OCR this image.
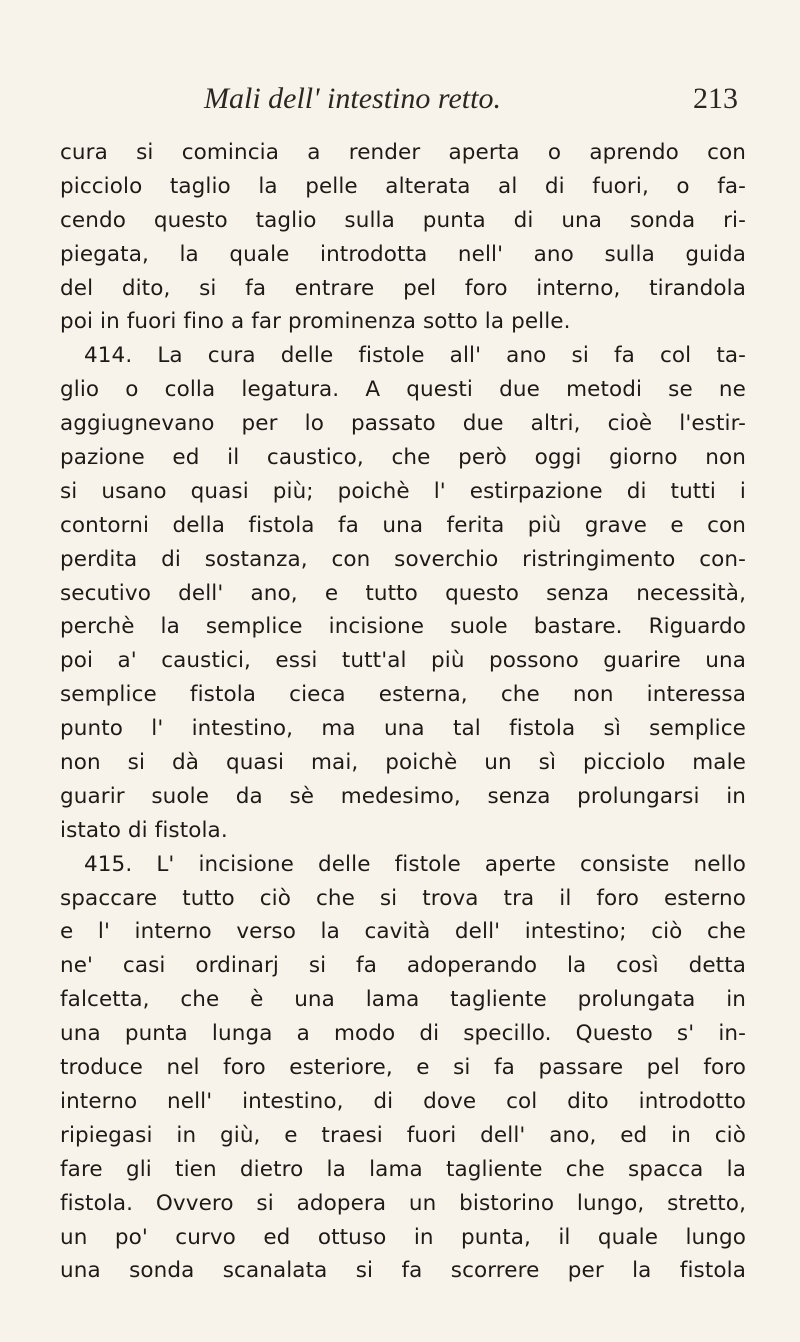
Mali dell' intestino retto.	213
cura si comincia a render aperta o aprendo con
picciolo taglio la pelle alterata al di fuori, o fa-
cendo questo taglio sulla punta di una sonda ri-
piegata, la quale introdotta nell' ano sulla guida
del dito, si fa entrare pel foro interno, tirandola
poi in fuori fino a far prominenza sotto la pelle.
414. La cura delle fistole all' ano si fa col ta-
glio o colla legatura. A questi due metodi se ne
aggiugnevano per lo passato due altri, cioè l'estir-
pazione ed il caustico, che però oggi giorno non
si usano quasi più; poichè l' estirpazione di tutti i
contorni della fistola fa una ferita più grave e con
perdita di sostanza, con soverchio ristringimento con-
secutivo dell' ano, e tutto questo senza necessità,
perchè la semplice incisione suole bastare. Riguardo
poi a' caustici, essi tutt'al più possono guarire una
semplice fistola cieca esterna, che non interessa
punto l' intestino, ma una tal fistola sì semplice
non si dà quasi mai, poichè un sì picciolo male
guarir suole da sè medesimo, senza prolungarsi in
istato di fistola.
415. L' incisione delle fistole aperte consiste nello
spaccare tutto ciò che si trova tra il foro esterno
e l' interno verso la cavità dell' intestino; ciò che
ne' casi ordinarj si fa adoperando la così detta
falcetta, che è una lama tagliente prolungata in
una punta lunga a modo di specillo. Questo s' in-
troduce nel foro esteriore, e si fa passare pel foro
interno nell' intestino, di dove col dito introdotto
ripiegasi in giù, e traesi fuori dell' ano, ed in ciò
fare gli tien dietro la lama tagliente che spacca la
fistola. Ovvero si adopera un bistorino lungo, stretto,
un po' curvo ed ottuso in punta, il quale lungo
una sonda scanalata si fa scorrere per la fistola
